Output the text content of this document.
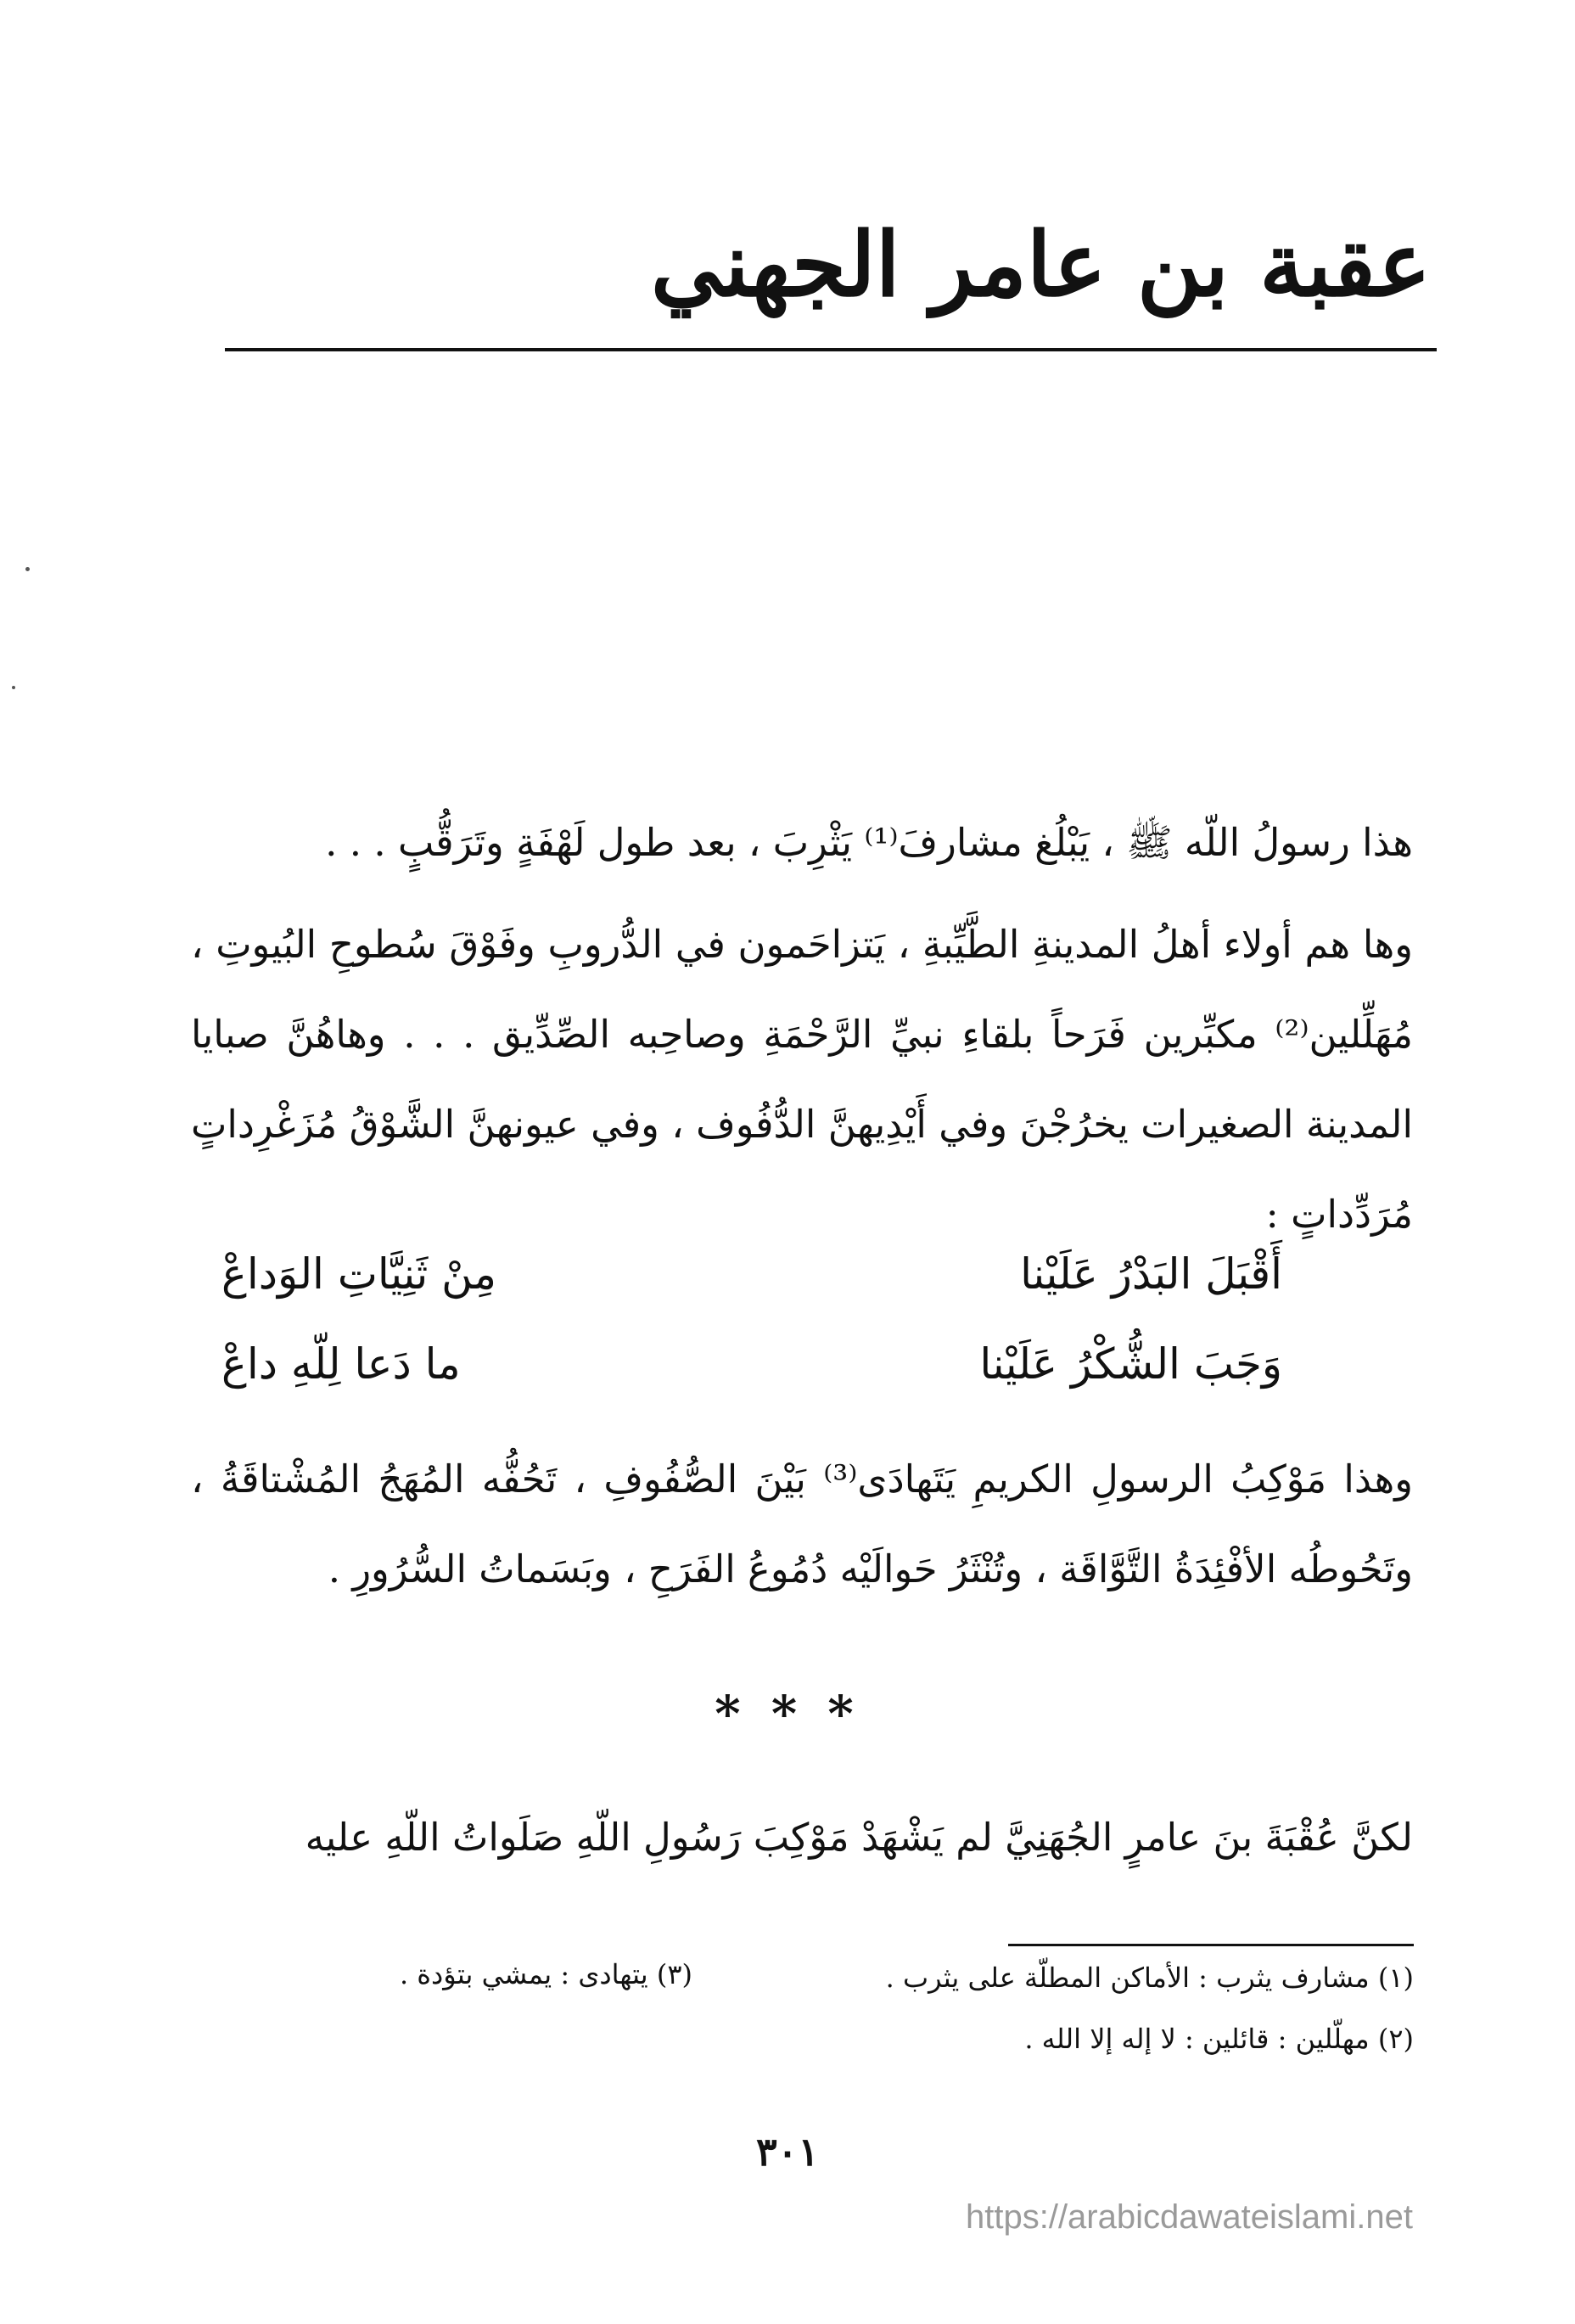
عقبة بن عامر الجهني

هذا رسولُ اللّه ﷺ ، يَبْلُغ مشارفَ⁽¹⁾ يَثْرِبَ ، بعد طول لَهْفَةٍ وتَرَقُّبٍ . . .

وها هم أولاء أهلُ المدينةِ الطَّيِّبةِ ، يَتزاحَمون في الدُّروبِ وفَوْقَ سُطوحِ البُيوتِ ، مُهَلِّلين⁽²⁾ مكبِّرين فَرَحاً بلقاءِ نبيِّ الرَّحْمَةِ وصاحِبه الصِّدِّيق . . . وهاهُنَّ صبايا المدينة الصغيرات يخرُجْنَ وفي أَيْدِيهنَّ الدُّفُوف ، وفي عيونهنَّ الشَّوْقُ مُزَغْرِداتٍ مُرَدِّداتٍ :

أَقْبَلَ البَدْرُ عَلَيْنا
مِنْ ثَنِيَّاتِ الوَداعْ
وَجَبَ الشُّكْرُ عَلَيْنا
ما دَعا لِلّهِ داعْ

وهذا مَوْكِبُ الرسولِ الكريمِ يَتَهادَى⁽³⁾ بَيْنَ الصُّفُوفِ ، تَحُفُّه المُهَجُ المُشْتاقَةُ ، وتَحُوطُه الأفْئِدَةُ التَّوَّاقَة ، وتُنْثَرُ حَوالَيْه دُمُوعُ الفَرَحِ ، وبَسَماتُ السُّرُورِ .

* * *

لكنَّ عُقْبَةَ بنَ عامرٍ الجُهَنِيَّ لم يَشْهَدْ مَوْكِبَ رَسُولِ اللّهِ صَلَواتُ اللّهِ عليه

(١) مشارف يثرب : الأماكن المطلّة على يثرب .
(٣) يتهادى : يمشي بتؤدة .
(٢) مهلّلين : قائلين : لا إله إلا الله .
٣٠١
https://arabicdawateislami.net
